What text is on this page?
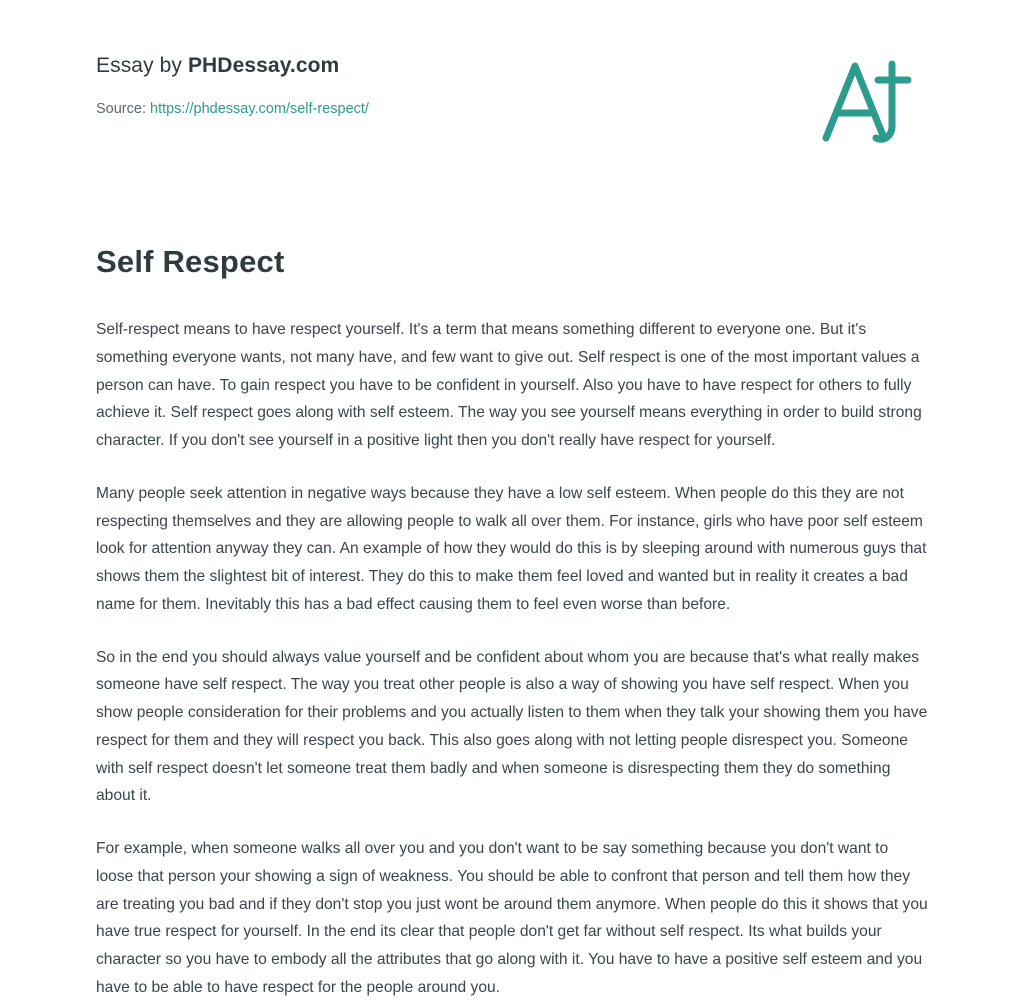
Essay by PHDessay.com
Source: https://phdessay.com/self-respect/
Self Respect

Self-respect means to have respect yourself. It's a term that means something different to everyone one. But it's something everyone wants, not many have, and few want to give out. Self respect is one of the most important values a person can have. To gain respect you have to be confident in yourself. Also you have to have respect for others to fully achieve it. Self respect goes along with self esteem. The way you see yourself means everything in order to build strong character. If you don't see yourself in a positive light then you don't really have respect for yourself.

Many people seek attention in negative ways because they have a low self esteem. When people do this they are not respecting themselves and they are allowing people to walk all over them. For instance, girls who have poor self esteem look for attention anyway they can. An example of how they would do this is by sleeping around with numerous guys that shows them the slightest bit of interest. They do this to make them feel loved and wanted but in reality it creates a bad name for them. Inevitably this has a bad effect causing them to feel even worse than before.

So in the end you should always value yourself and be confident about whom you are because that's what really makes someone have self respect. The way you treat other people is also a way of showing you have self respect. When you show people consideration for their problems and you actually listen to them when they talk your showing them you have respect for them and they will respect you back. This also goes along with not letting people disrespect you. Someone with self respect doesn't let someone treat them badly and when someone is disrespecting them they do something about it.

For example, when someone walks all over you and you don't want to be say something because you don't want to loose that person your showing a sign of weakness. You should be able to confront that person and tell them how they are treating you bad and if they don't stop you just wont be around them anymore. When people do this it shows that you have true respect for yourself. In the end its clear that people don't get far without self respect. Its what builds your character so you have to embody all the attributes that go along with it. You have to have a positive self esteem and you have to be able to have respect for the people around you.
